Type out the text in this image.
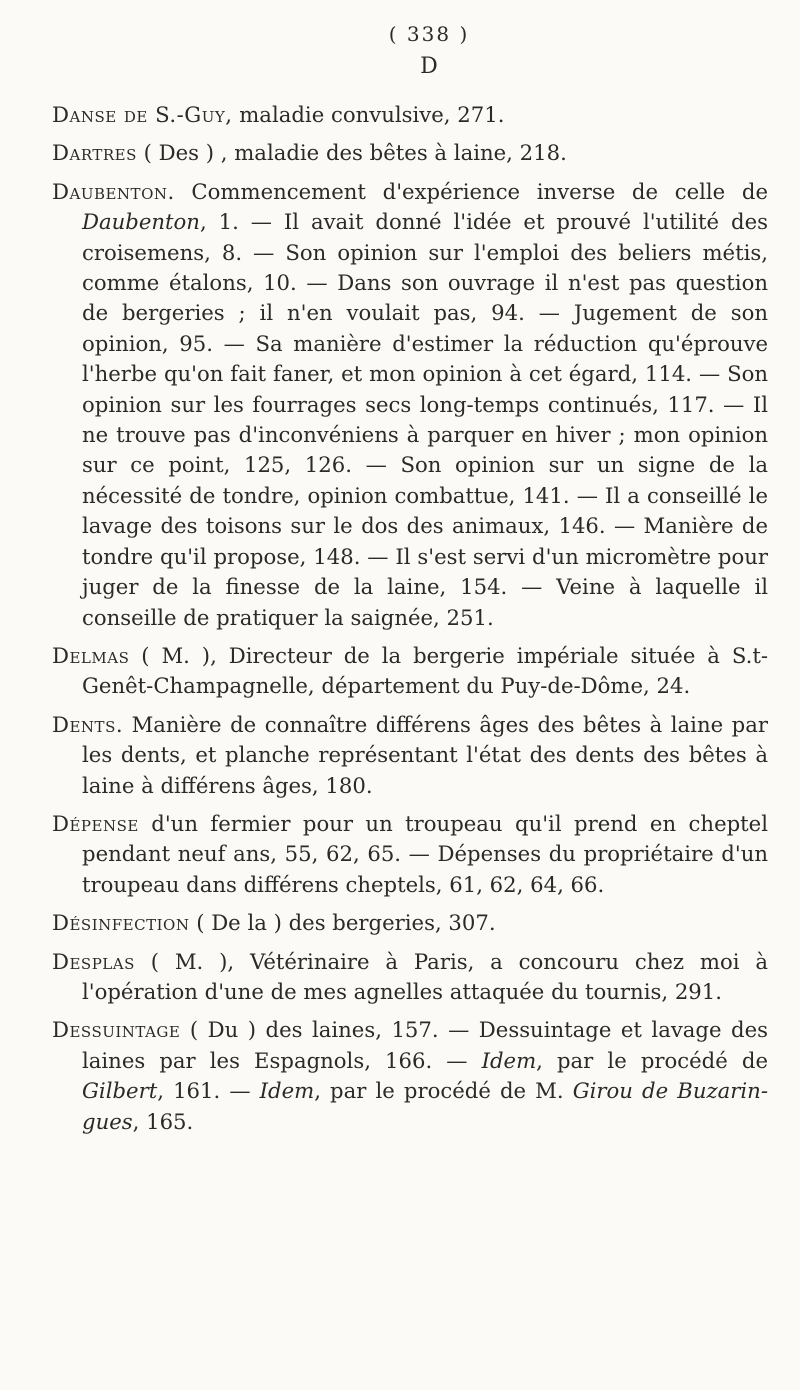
( 338 )
D

Danse de S.-Guy, maladie convulsive, 271.

Dartres ( Des ) , maladie des bêtes à laine, 218.

Daubenton. Commencement d'expérience inverse de celle de Daubenton, 1. — Il avait donné l'idée et prouvé l'utilité des croisemens, 8. — Son opinion sur l'emploi des beliers métis, comme étalons, 10. — Dans son ouvrage il n'est pas question de bergeries ; il n'en voulait pas, 94. — Jugement de son opinion, 95. — Sa manière d'estimer la réduction qu'éprouve l'herbe qu'on fait faner, et mon opinion à cet égard, 114. — Son opinion sur les fourrages secs long-temps continués, 117. — Il ne trouve pas d'inconvéniens à parquer en hiver ; mon opinion sur ce point, 125, 126. — Son opinion sur un signe de la nécessité de tondre, opinion combattue, 141. — Il a conseillé le lavage des toisons sur le dos des animaux, 146. — Manière de tondre qu'il propose, 148. — Il s'est servi d'un micromètre pour juger de la finesse de la laine, 154. — Veine à laquelle il conseille de pratiquer la saignée, 251.

Delmas ( M. ), Directeur de la bergerie impériale située à S.t-Genêt-Champagnelle, département du Puy-de-Dôme, 24.

Dents. Manière de connaître différens âges des bêtes à laine par les dents, et planche représentant l'état des dents des bêtes à laine à différens âges, 180.

Dépense d'un fermier pour un troupeau qu'il prend en cheptel pendant neuf ans, 55, 62, 65. — Dépenses du propriétaire d'un troupeau dans différens cheptels, 61, 62, 64, 66.

Désinfection ( De la ) des bergeries, 307.

Desplas ( M. ), Vétérinaire à Paris, a concouru chez moi à l'opération d'une de mes agnelles attaquée du tournis, 291.

Dessuintage ( Du ) des laines, 157. — Dessuintage et lavage des laines par les Espagnols, 166. — Idem, par le procédé de Gilbert, 161. — Idem, par le procédé de M. Girou de Buzarin-gues, 165.
